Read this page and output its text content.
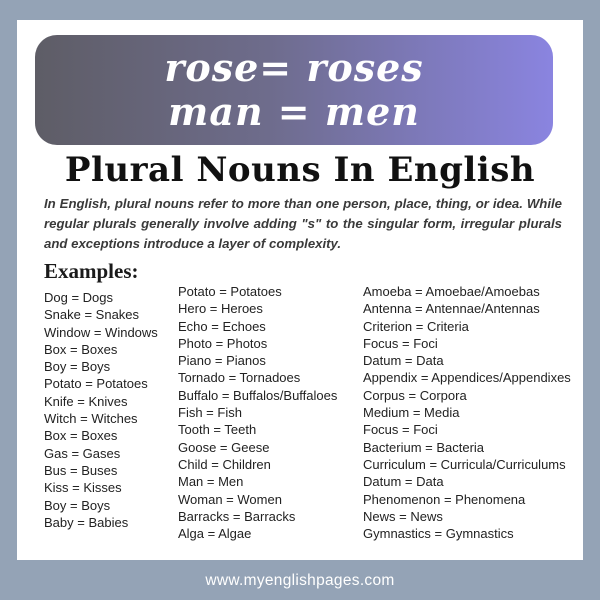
rose= roses
man = men
Plural Nouns In English

In English, plural nouns refer to more than one person, place, thing, or idea. While regular plurals generally involve adding "s" to the singular form, irregular plurals and exceptions introduce a layer of complexity.

Examples:
Dog = Dogs
Snake = Snakes
Window = Windows
Box = Boxes
Boy = Boys
Potato = Potatoes
Knife = Knives
Witch = Witches
Box = Boxes
Gas = Gases
Bus = Buses
Kiss = Kisses
Boy = Boys
Baby = Babies
Potato = Potatoes
Hero = Heroes
Echo = Echoes
Photo = Photos
Piano = Pianos
Tornado = Tornadoes
Buffalo = Buffalos/Buffaloes
Fish = Fish
Tooth = Teeth
Goose = Geese
Child = Children
Man = Men
Woman = Women
Barracks = Barracks
Alga = Algae
Amoeba = Amoebae/Amoebas
Antenna = Antennae/Antennas
Criterion = Criteria
Focus = Foci
Datum = Data
Appendix = Appendices/Appendixes
Corpus = Corpora
Medium = Media
Focus = Foci
Bacterium = Bacteria
Curriculum = Curricula/Curriculums
Datum = Data
Phenomenon = Phenomena
News = News
Gymnastics = Gymnastics
www.myenglishpages.com
